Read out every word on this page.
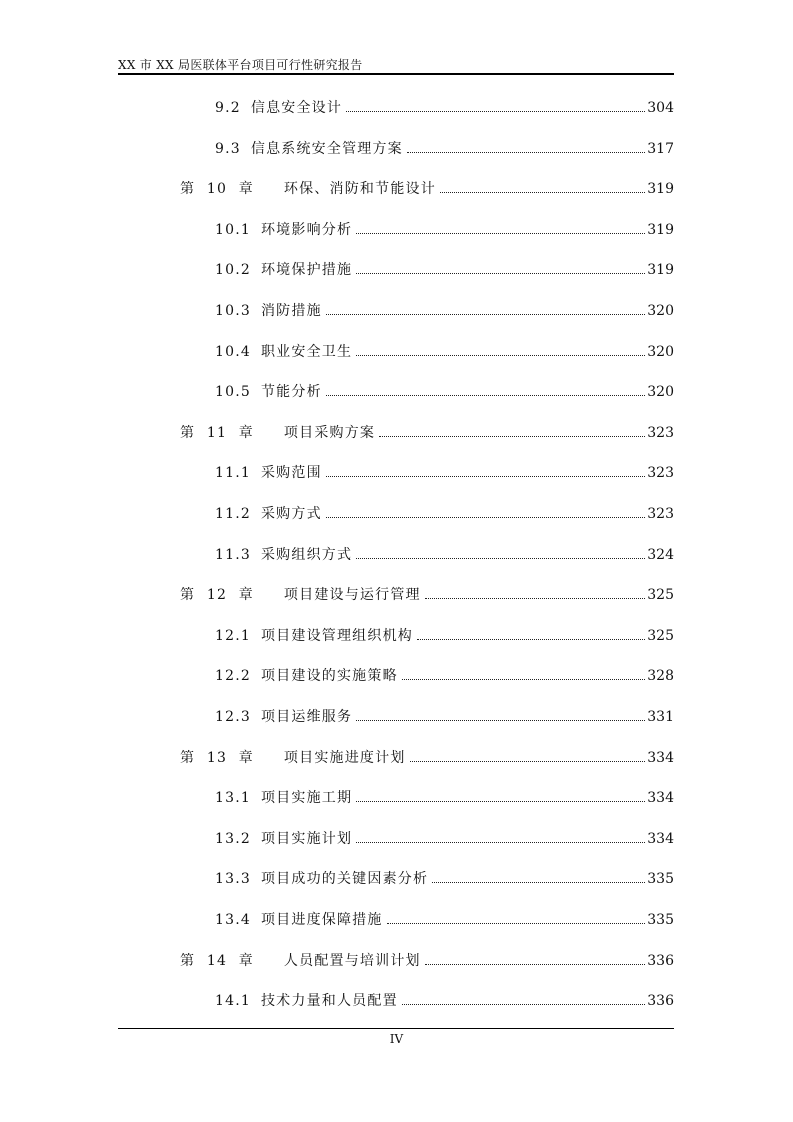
XX 市 XX 局医联体平台项目可行性研究报告
9.2 信息安全设计	304
9.3 信息系统安全管理方案	317
第 10 章 环保、消防和节能设计	319
10.1 环境影响分析	319
10.2 环境保护措施	319
10.3 消防措施	320
10.4 职业安全卫生	320
10.5 节能分析	320
第 11 章 项目采购方案	323
11.1 采购范围	323
11.2 采购方式	323
11.3 采购组织方式	324
第 12 章 项目建设与运行管理	325
12.1 项目建设管理组织机构	325
12.2 项目建设的实施策略	328
12.3 项目运维服务	331
第 13 章 项目实施进度计划	334
13.1 项目实施工期	334
13.2 项目实施计划	334
13.3 项目成功的关键因素分析	335
13.4 项目进度保障措施	335
第 14 章 人员配置与培训计划	336
14.1 技术力量和人员配置	336
IV
